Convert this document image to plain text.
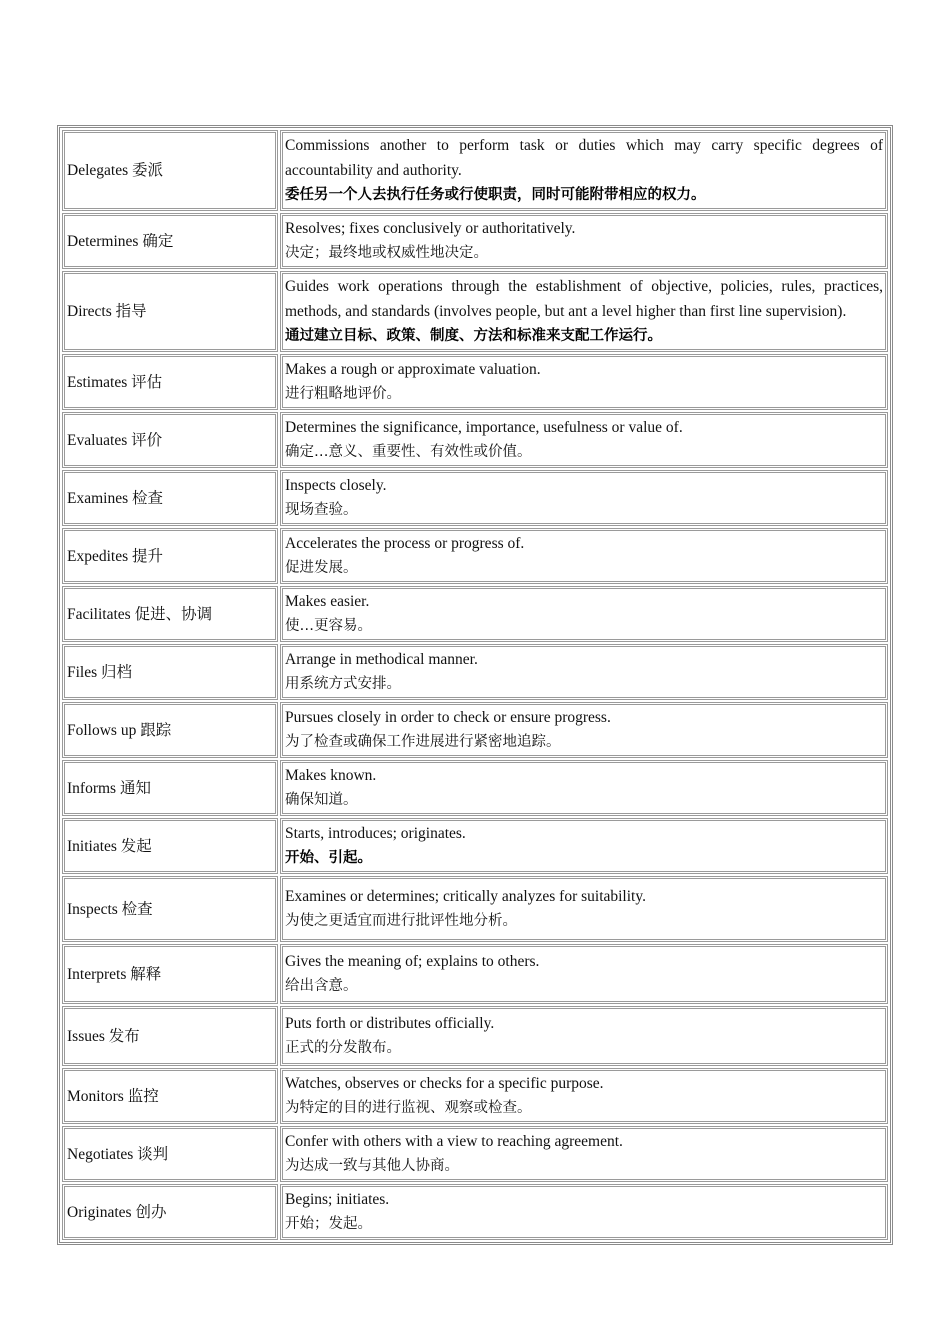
Delegates 委派	Commissions another to perform task or duties which may carry specific degrees of accountability and authority.
委任另一个人去执行任务或行使职责，同时可能附带相应的权力。

Determines 确定	Resolves; fixes conclusively or authoritatively.
决定；最终地或权威性地决定。

Directs 指导	Guides work operations through the establishment of objective, policies, rules, practices, methods, and standards (involves people, but ant a level higher than first line supervision).
通过建立目标、政策、制度、方法和标准来支配工作运行。

Estimates 评估	Makes a rough or approximate valuation.
进行粗略地评价。

Evaluates 评价	Determines the significance, importance, usefulness or value of.
确定…意义、重要性、有效性或价值。

Examines 检查	Inspects closely.
现场查验。

Expedites 提升	Accelerates the process or progress of.
促进发展。

Facilitates 促进、协调	Makes easier.
使…更容易。

Files 归档	Arrange in methodical manner.
用系统方式安排。

Follows up 跟踪	Pursues closely in order to check or ensure progress.
为了检查或确保工作进展进行紧密地追踪。

Informs 通知	Makes known.
确保知道。

Initiates 发起	Starts, introduces; originates.
开始、引起。

Inspects 检查	Examines or determines; critically analyzes for suitability.
为使之更适宜而进行批评性地分析。

Interprets 解释	Gives the meaning of; explains to others.
给出含意。

Issues 发布	Puts forth or distributes officially.
正式的分发散布。

Monitors 监控	Watches, observes or checks for a specific purpose.
为特定的目的进行监视、观察或检查。

Negotiates 谈判	Confer with others with a view to reaching agreement.
为达成一致与其他人协商。

Originates 创办	Begins; initiates.
开始；发起。
